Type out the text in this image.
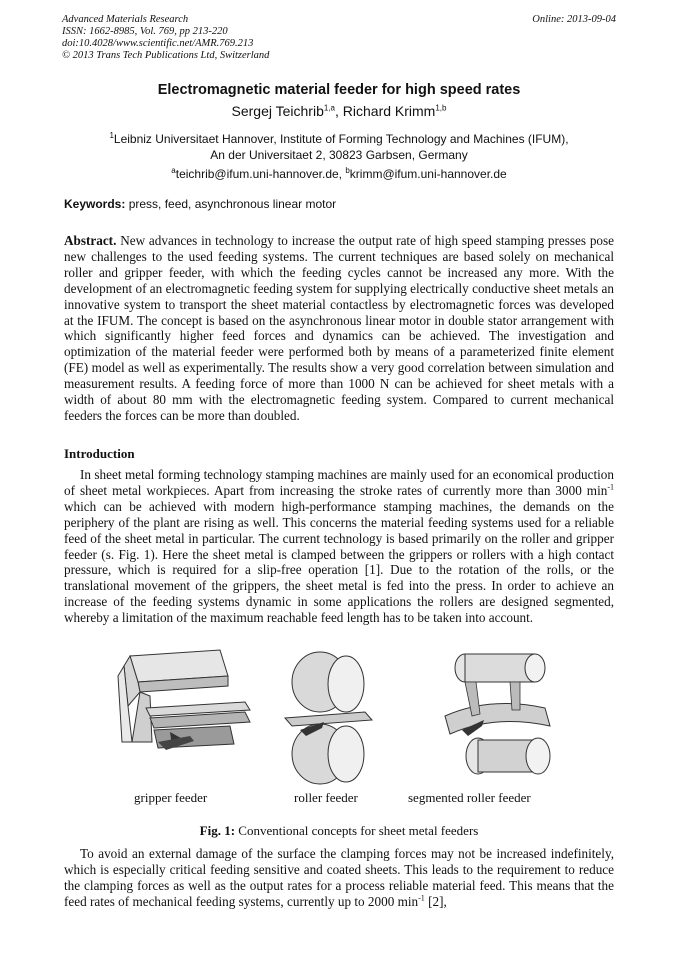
Advanced Materials Research
ISSN: 1662-8985, Vol. 769, pp 213-220
doi:10.4028/www.scientific.net/AMR.769.213
© 2013 Trans Tech Publications Ltd, Switzerland
Online: 2013-09-04
Electromagnetic material feeder for high speed rates
Sergej Teichrib$^{1,a}$, Richard Krimm$^{1,b}$
$^1$Leibniz Universitaet Hannover, Institute of Forming Technology and Machines (IFUM),
An der Universitaet 2, 30823 Garbsen, Germany
$^a$teichrib@ifum.uni-hannover.de, $^b$krimm@ifum.uni-hannover.de
Keywords: press, feed, asynchronous linear motor
Abstract. New advances in technology to increase the output rate of high speed stamping presses pose new challenges to the used feeding systems. The current techniques are based solely on mechanical roller and gripper feeder, with which the feeding cycles cannot be increased any more. With the development of an electromagnetic feeding system for supplying electrically conductive sheet metals an innovative system to transport the sheet material contactless by electromagnetic forces was developed at the IFUM. The concept is based on the asynchronous linear motor in double stator arrangement with which significantly higher feed forces and dynamics can be achieved. The investigation and optimization of the material feeder were performed both by means of a parameterized finite element (FE) model as well as experimentally. The results show a very good correlation between simulation and measurement results. A feeding force of more than 1000 N can be achieved for sheet metals with a width of about 80 mm with the electromagnetic feeding system. Compared to current mechanical feeders the forces can be more than doubled.
Introduction
In sheet metal forming technology stamping machines are mainly used for an economical production of sheet metal workpieces. Apart from increasing the stroke rates of currently more than 3000 $\min^{-1}$ which can be achieved with modern high-performance stamping machines, the demands on the periphery of the plant are rising as well. This concerns the material feeding systems used for a reliable feed of the sheet metal in particular. The current technology is based primarily on the roller and gripper feeder (s. Fig. 1). Here the sheet metal is clamped between the grippers or rollers with a high contact pressure, which is required for a slip-free operation [1]. Due to the rotation of the rolls, or the translational movement of the grippers, the sheet metal is fed into the press. In order to achieve an increase of the feeding systems dynamic in some applications the rollers are designed segmented, whereby a limitation of the maximum reachable feed length has to be taken into account.
gripper feeder	roller feeder	segmented roller feeder
Fig. 1: Conventional concepts for sheet metal feeders
To avoid an external damage of the surface the clamping forces may not be increased indefinitely, which is especially critical feeding sensitive and coated sheets. This leads to the requirement to reduce the clamping forces as well as the output rates for a process reliable material feed. This means that the feed rates of mechanical feeding systems, currently up to 2000 $\min^{-1} [2]$,
